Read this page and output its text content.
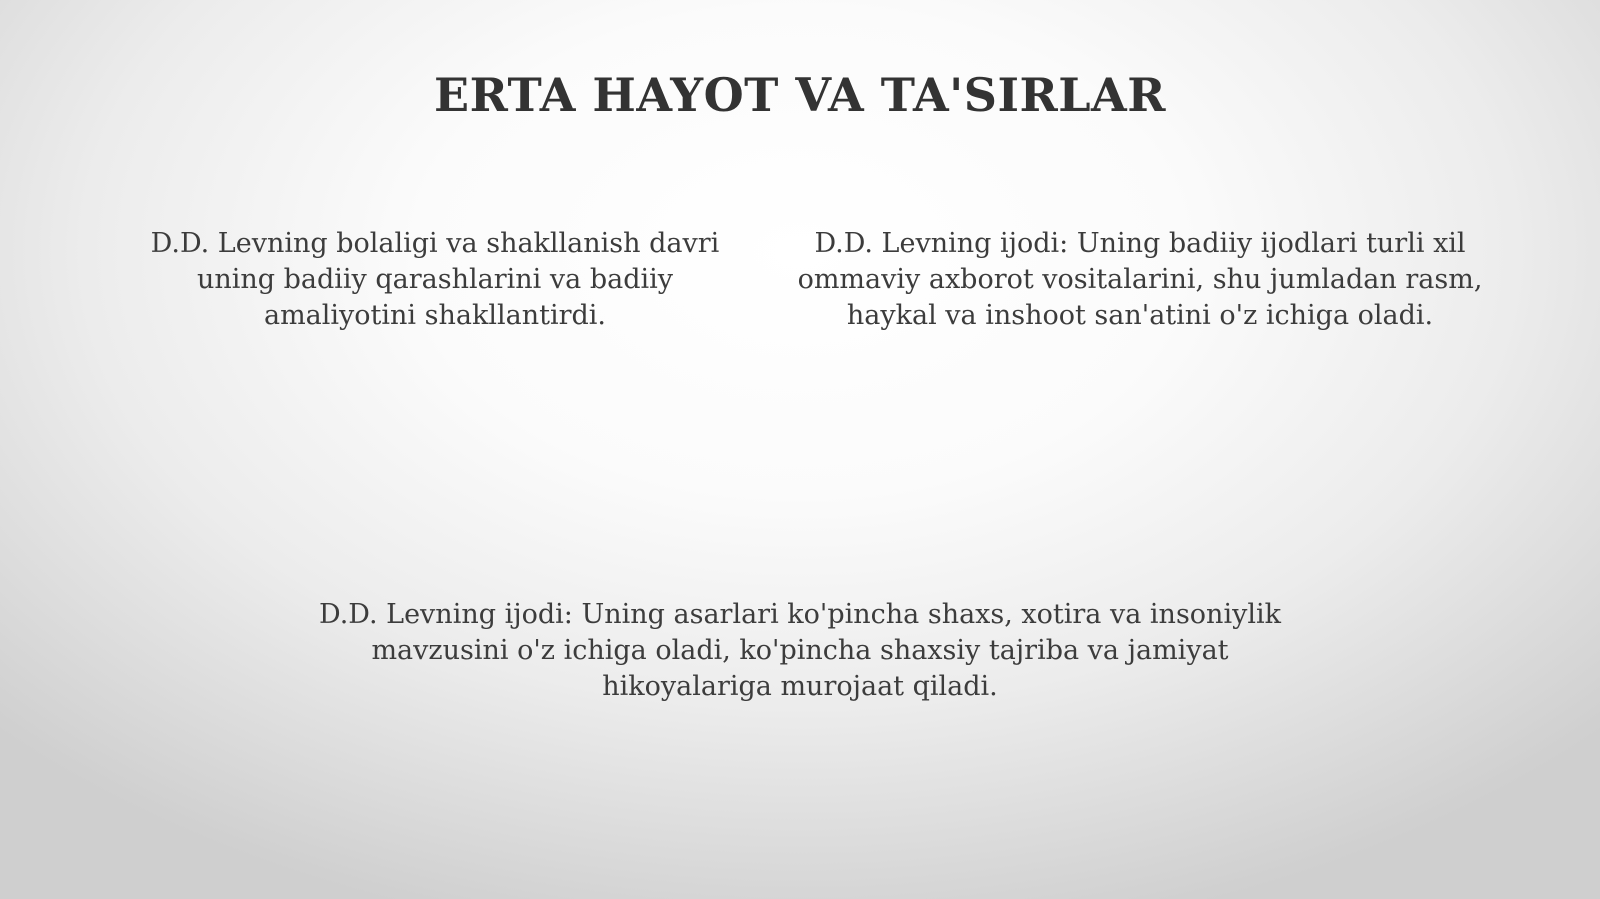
ERTA HAYOT VA TA'SIRLAR

D.D. Levning bolaligi va shakllanish davri uning badiiy qarashlarini va badiiy amaliyotini shakllantirdi.

D.D. Levning ijodi: Uning badiiy ijodlari turli xil ommaviy axborot vositalarini, shu jumladan rasm, haykal va inshoot san'atini o'z ichiga oladi.

D.D. Levning ijodi: Uning asarlari ko'pincha shaxs, xotira va insoniylik mavzusini o'z ichiga oladi, ko'pincha shaxsiy tajriba va jamiyat hikoyalariga murojaat qiladi.
